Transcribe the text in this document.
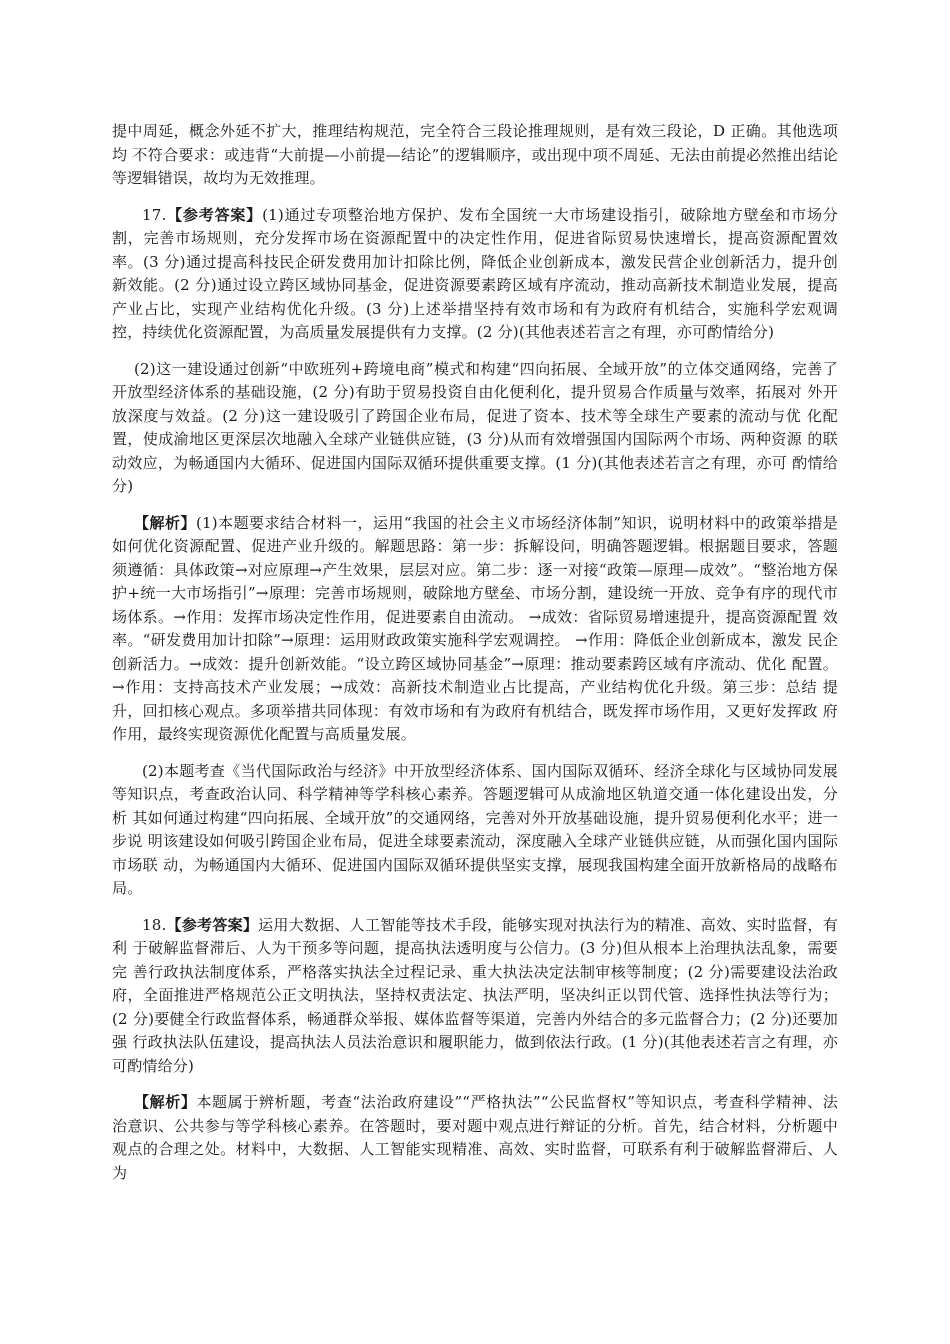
提中周延，概念外延不扩大，推理结构规范，完全符合三段论推理规则，是有效三段论，D 正确。其他选项均 不符合要求：或违背“大前提—小前提—结论”的逻辑顺序，或出现中项不周延、无法由前提必然推出结论 等逻辑错误，故均为无效推理。

17.【参考答案】(1)通过专项整治地方保护、发布全国统一大市场建设指引，破除地方壁垒和市场分割，完善市场规则，充分发挥市场在资源配置中的决定性作用，促进省际贸易快速增长，提高资源配置效率。(3 分)通过提高科技民企研发费用加计扣除比例，降低企业创新成本，激发民营企业创新活力，提升创新效能。(2 分)通过设立跨区域协同基金，促进资源要素跨区域有序流动，推动高新技术制造业发展，提高产业占比，实现产业结构优化升级。(3 分)上述举措坚持有效市场和有为政府有机结合，实施科学宏观调控，持续优化资源配置，为高质量发展提供有力支撑。(2 分)(其他表述若言之有理，亦可酌情给分)

(2)这一建设通过创新“中欧班列+跨境电商”模式和构建“四向拓展、全域开放”的立体交通网络，完善了开放型经济体系的基础设施，(2 分)有助于贸易投资自由化便利化，提升贸易合作质量与效率，拓展对 外开放深度与效益。(2 分)这一建设吸引了跨国企业布局，促进了资本、技术等全球生产要素的流动与优 化配置，使成渝地区更深层次地融入全球产业链供应链，(3 分)从而有效增强国内国际两个市场、两种资源 的联动效应，为畅通国内大循环、促进国内国际双循环提供重要支撑。(1 分)(其他表述若言之有理，亦可 酌情给分)

【解析】(1)本题要求结合材料一，运用“我国的社会主义市场经济体制”知识，说明材料中的政策举措是如何优化资源配置、促进产业升级的。解题思路：第一步：拆解设问，明确答题逻辑。根据题目要求，答题须遵循：具体政策→对应原理→产生效果，层层对应。第二步：逐一对接“政策—原理—成效”。“整治地方保护+统一大市场指引”→原理：完善市场规则，破除地方壁垒、市场分割，建设统一开放、竞争有序的现代市场体系。→作用：发挥市场决定性作用，促进要素自由流动。 →成效：省际贸易增速提升，提高资源配置 效率。“研发费用加计扣除”→原理：运用财政政策实施科学宏观调控。 →作用：降低企业创新成本，激发 民企创新活力。→成效：提升创新效能。“设立跨区域协同基金”→原理：推动要素跨区域有序流动、优化 配置。→作用：支持高技术产业发展；→成效：高新技术制造业占比提高，产业结构优化升级。第三步：总结 提升，回扣核心观点。多项举措共同体现：有效市场和有为政府有机结合，既发挥市场作用，又更好发挥政 府作用，最终实现资源优化配置与高质量发展。

(2)本题考查《当代国际政治与经济》中开放型经济体系、国内国际双循环、经济全球化与区域协同发展 等知识点，考查政治认同、科学精神等学科核心素养。答题逻辑可从成渝地区轨道交通一体化建设出发，分析 其如何通过构建“四向拓展、全域开放”的交通网络，完善对外开放基础设施，提升贸易便利化水平；进一步说 明该建设如何吸引跨国企业布局，促进全球要素流动，深度融入全球产业链供应链，从而强化国内国际市场联 动，为畅通国内大循环、促进国内国际双循环提供坚实支撑，展现我国构建全面开放新格局的战略布局。

18.【参考答案】运用大数据、人工智能等技术手段，能够实现对执法行为的精准、高效、实时监督，有利 于破解监督滞后、人为干预多等问题，提高执法透明度与公信力。(3 分)但从根本上治理执法乱象，需要完 善行政执法制度体系，严格落实执法全过程记录、重大执法决定法制审核等制度；(2 分)需要建设法治政 府，全面推进严格规范公正文明执法，坚持权责法定、执法严明，坚决纠正以罚代管、选择性执法等行为；(2 分)要健全行政监督体系，畅通群众举报、媒体监督等渠道，完善内外结合的多元监督合力；(2 分)还要加强 行政执法队伍建设，提高执法人员法治意识和履职能力，做到依法行政。(1 分)(其他表述若言之有理，亦 可酌情给分)

【解析】本题属于辨析题，考查“法治政府建设”“严格执法”“公民监督权”等知识点，考查科学精神、法 治意识、公共参与等学科核心素养。在答题时，要对题中观点进行辩证的分析。首先，结合材料，分析题中 观点的合理之处。材料中，大数据、人工智能实现精准、高效、实时监督，可联系有利于破解监督滞后、人为
